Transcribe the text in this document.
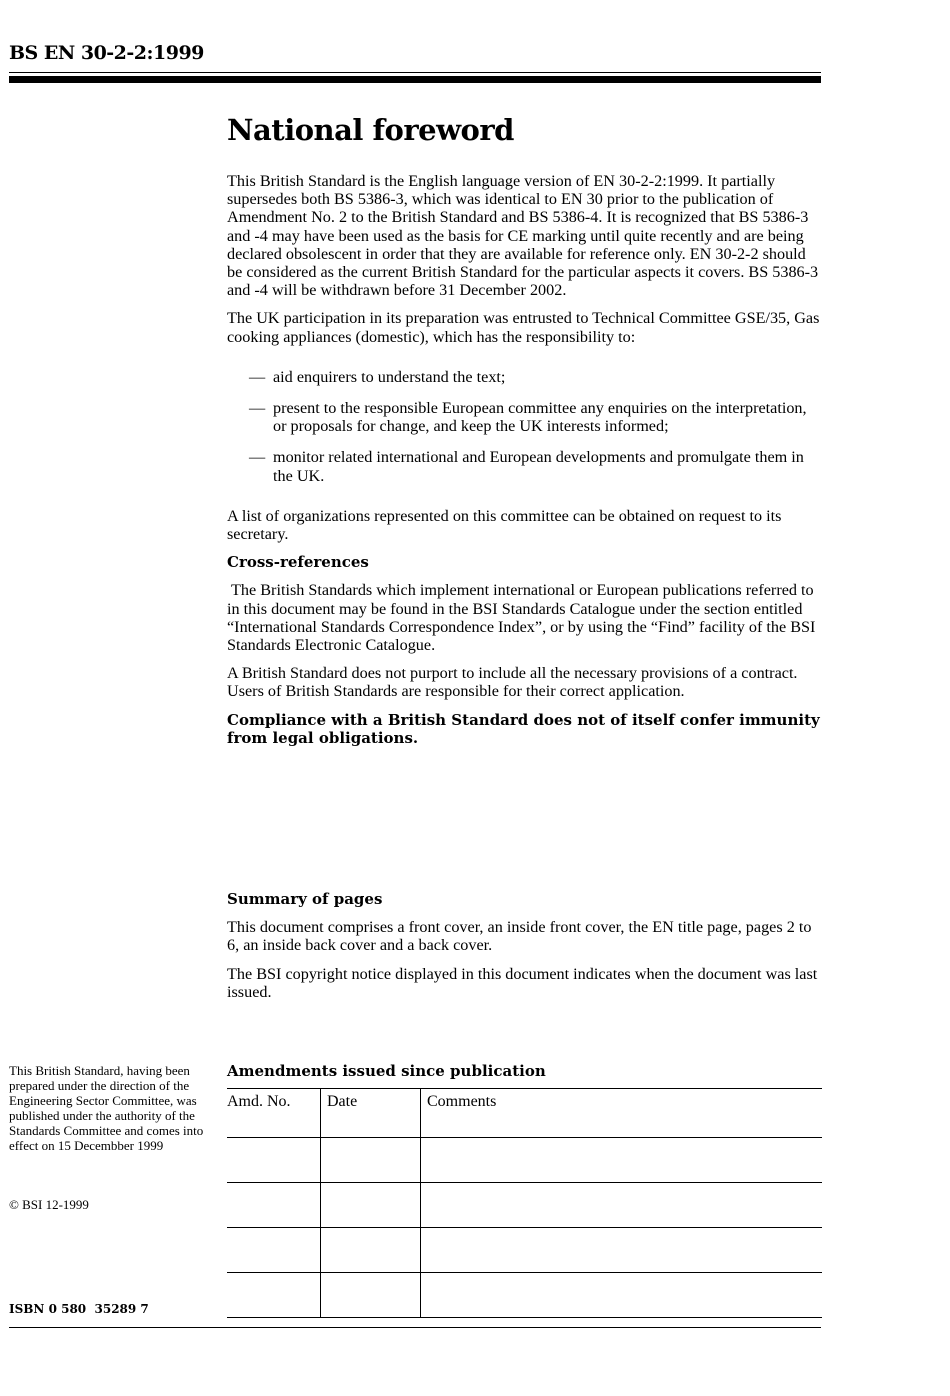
BS EN 30-2-2:1999
National foreword

This British Standard is the English language version of EN 30-2-2:1999. It partially supersedes both BS 5386-3, which was identical to EN 30 prior to the publication of Amendment No. 2 to the British Standard and BS 5386-4. It is recognized that BS 5386-3 and -4 may have been used as the basis for CE marking until quite recently and are being declared obsolescent in order that they are available for reference only. EN 30-2-2 should be considered as the current British Standard for the particular aspects it covers. BS 5386-3 and -4 will be withdrawn before 31 December 2002.

The UK participation in its preparation was entrusted to Technical Committee GSE/35, Gas cooking appliances (domestic), which has the responsibility to:

— aid enquirers to understand the text;
— present to the responsible European committee any enquiries on the interpretation, or proposals for change, and keep the UK interests informed;
— monitor related international and European developments and promulgate them in the UK.

A list of organizations represented on this committee can be obtained on request to its secretary.

Cross-references

The British Standards which implement international or European publications referred to in this document may be found in the BSI Standards Catalogue under the section entitled “International Standards Correspondence Index”, or by using the “Find” facility of the BSI Standards Electronic Catalogue.

A British Standard does not purport to include all the necessary provisions of a contract. Users of British Standards are responsible for their correct application.

Compliance with a British Standard does not of itself confer immunity from legal obligations.

Summary of pages

This document comprises a front cover, an inside front cover, the EN title page, pages 2 to 6, an inside back cover and a back cover.

The BSI copyright notice displayed in this document indicates when the document was last issued.

This British Standard, having been prepared under the direction of the Engineering Sector Committee, was published under the authority of the Standards Committee and comes into effect on 15 Decembber 1999
© BSI 12-1999
ISBN 0 580  35289 7
Amendments issued since publication
Amd. No.	Date	Comments
